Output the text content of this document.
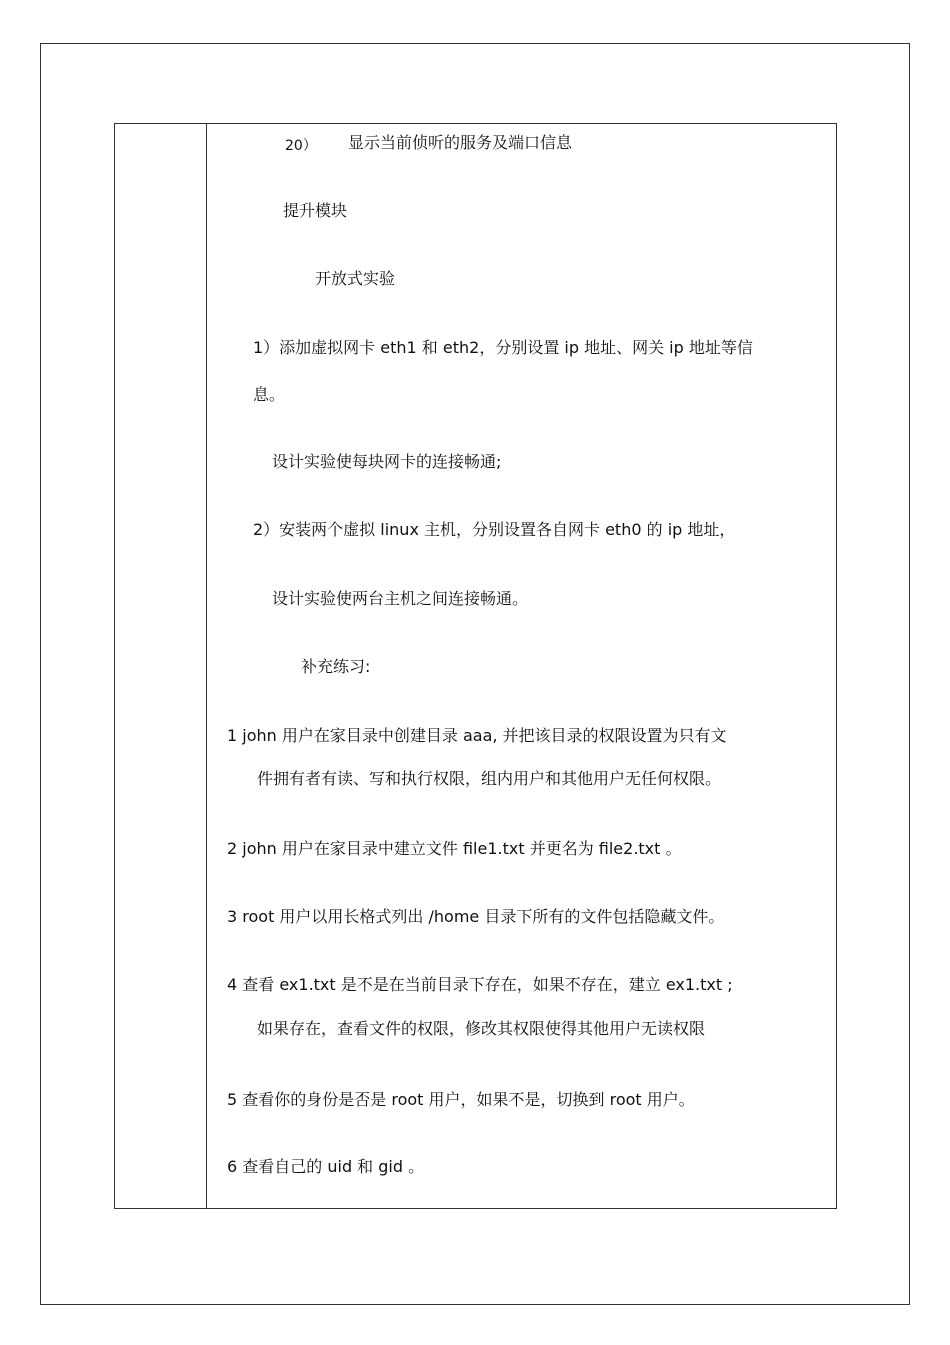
20） 显示当前侦听的服务及端口信息
提升模块
开放式实验
1）添加虚拟网卡 eth1 和 eth2，分别设置 ip 地址、网关 ip 地址等信
息。
设计实验使每块网卡的连接畅通;
2）安装两个虚拟 linux 主机，分别设置各自网卡 eth0 的 ip 地址，
设计实验使两台主机之间连接畅通。
补充练习:
1 john 用户在家目录中创建目录 aaa, 并把该目录的权限设置为只有文
件拥有者有读、写和执行权限，组内用户和其他用户无任何权限。
2 john 用户在家目录中建立文件 file1.txt 并更名为 file2.txt 。
3 root 用户以用长格式列出 /home 目录下所有的文件包括隐藏文件。
4 查看 ex1.txt 是不是在当前目录下存在，如果不存在，建立 ex1.txt ;
如果存在，查看文件的权限，修改其权限使得其他用户无读权限
5 查看你的身份是否是 root 用户，如果不是，切换到 root 用户。
6 查看自己的 uid 和 gid 。
